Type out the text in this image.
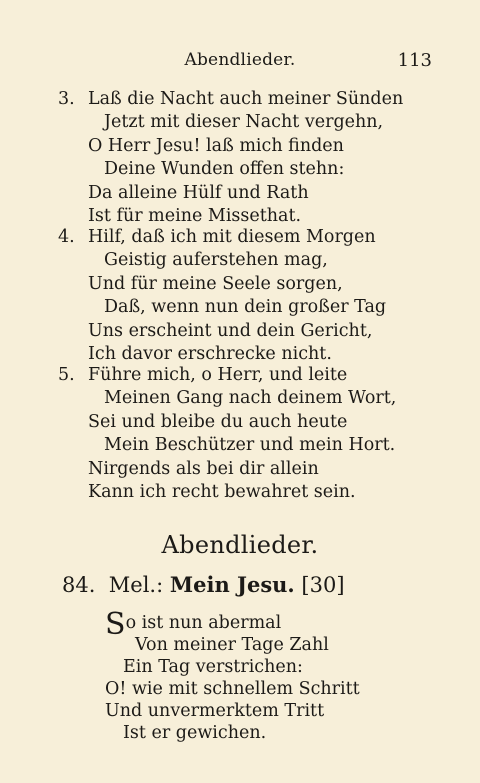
Abendlieder.	113
3. Laß die Nacht auch meiner Sünden
Jetzt mit dieser Nacht vergehn,
O Herr Jesu! laß mich finden
Deine Wunden offen stehn:
Da alleine Hülf und Rath
Ist für meine Missethat.
4. Hilf, daß ich mit diesem Morgen
Geistig auferstehen mag,
Und für meine Seele sorgen,
Daß, wenn nun dein großer Tag
Uns erscheint und dein Gericht,
Ich davor erschrecke nicht.
5. Führe mich, o Herr, und leite
Meinen Gang nach deinem Wort,
Sei und bleibe du auch heute
Mein Beschützer und mein Hort.
Nirgends als bei dir allein
Kann ich recht bewahret sein.
Abendlieder.
84. Mel.: Mein Jesu. [30]
So ist nun abermal
Von meiner Tage Zahl
Ein Tag verstrichen:
O! wie mit schnellem Schritt
Und unvermerktem Tritt
Ist er gewichen.
